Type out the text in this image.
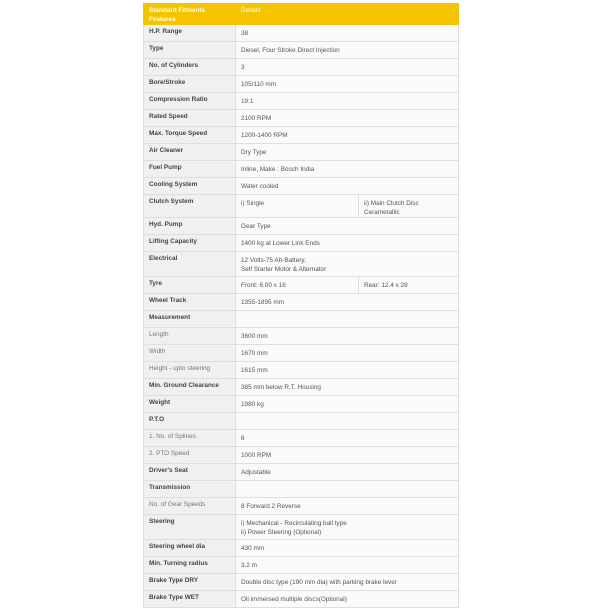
Standard Fitments Features	Details	
H.P. Range	38	
Type	Diesel, Four Stroke Direct Injection	
No. of Cylinders	3	
Bore/Stroke	105/110 mm	
Compression Ratio	19:1	
Rated Speed	2100 RPM	
Max. Torque Speed	1200-1400 RPM	
Air Cleaner	Dry Type	
Fuel Pump	Inline, Make : Bosch India	
Cooling System	Water cooled	
Clutch System	i) Single	ii) Main Clutch Disc Cerametallic
Hyd. Pump	Gear Type	
Lifting Capacity	1400 kg at Lower Link Ends	
Electrical	12 Volts-75 Ah-Battery,
Self Starter Motor & Alternator	
Tyre	Front: 6.00 x 16	Rear: 12.4 x 28
Wheel Track	1355-1895 mm	
Measurement		
Length	3600 mm	
Width	1670 mm	
Height - upto steering	1615 mm	
Min. Ground Clearance	385 mm below R.T. Housing	
Weight	1980 kg	
P.T.O		
1. No. of Splines	6	
2. PTO Speed	1000 RPM	
Driver's Seat	Adjustable	
Transmission		
No. of Gear Speeds	8 Forward 2 Reverse	
Steering	i) Mechanical - Recirculating ball type
ii) Power Steering (Optional)	
Steering wheel dia	430 mm	
Min. Turning radius	3.2 m	
Brake Type DRY	Double disc type (190 mm dia) with parking brake lever	
Brake Type WET	Oil immersed multiple discs(Optional)	
